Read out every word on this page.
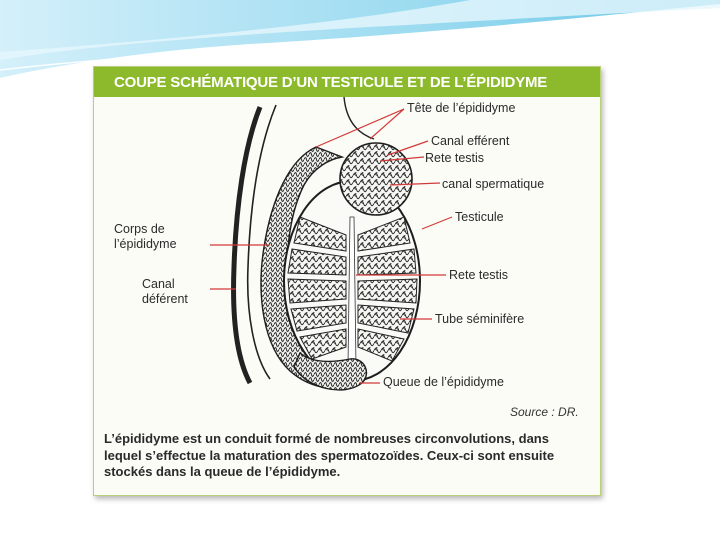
COUPE SCHÉMATIQUE D’UN TESTICULE ET DE L’ÉPIDIDYME

Tête de l’épididyme

Canal efférent

Rete testis

canal spermatique

Testicule

Corps de l’épididyme

Rete testis

Canal déférent

Tube séminifère

Queue de l’épididyme

Source : DR.

L’épididyme est un conduit formé de nombreuses circonvolutions, dans lequel s’effectue la maturation des spermatozoïdes. Ceux-ci sont ensuite stockés dans la queue de l’épididyme.
